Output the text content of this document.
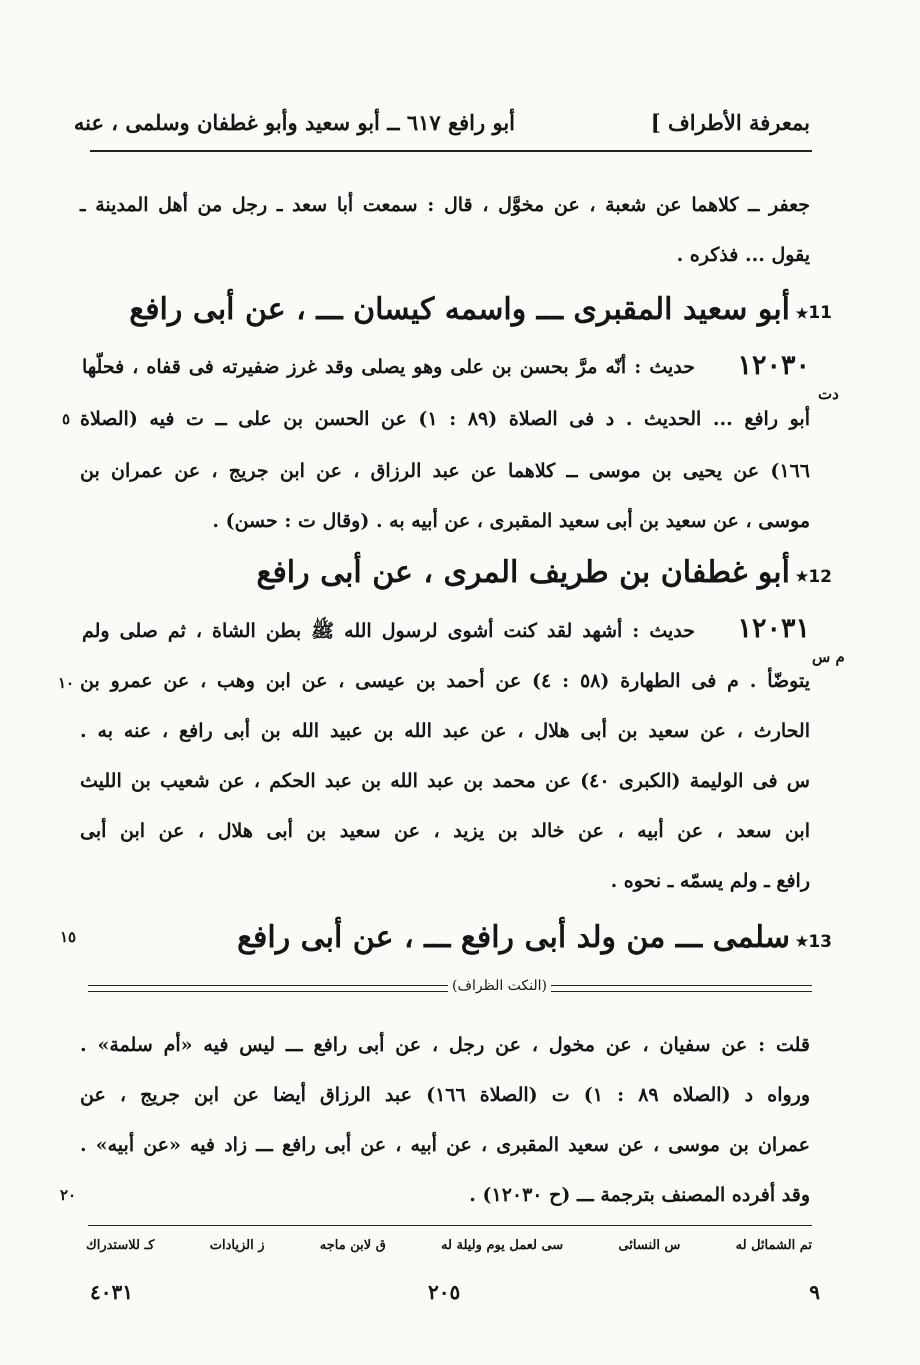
بمعرفة الأطراف ]
أبو رافع ٦١٧ ــ أبو سعيد وأبو غطفان وسلمى ، عنه
جعفر ــ كلاهما عن شعبة ، عن مخوَّل ، قال : سمعت أبا سعد ـ رجل من أهل المدينة ـ
يقول ... فذكره .
11
٭
أبو سعيد المقبرى ـــ واسمه كيسان ـــ ، عن أبى رافع
١٢٠٣٠
حديث : أنّه مرَّ بحسن بن على وهو يصلى وقد غرز ضفيرته فى قفاه ، فحلّها
دت
أبو رافع ... الحديث . د فى الصلاة (٨٩ : ١) عن الحسن بن على ــ ت فيه (الصلاة
٥
١٦٦) عن يحيى بن موسى ــ كلاهما عن عبد الرزاق ، عن ابن جريج ، عن عمران بن
موسى ، عن سعيد بن أبى سعيد المقبرى ، عن أبيه به . (وقال ت : حسن) .
12
٭
أبو غطفان بن طريف المرى ، عن أبى رافع
١٢٠٣١
حديث : أشهد لقد كنت أشوى لرسول الله ﷺ بطن الشاة ، ثم صلى ولم
م س
يتوضّأ . م فى الطهارة (٥٨ : ٤) عن أحمد بن عيسى ، عن ابن وهب ، عن عمرو بن
١٠
الحارث ، عن سعيد بن أبى هلال ، عن عبد الله بن عبيد الله بن أبى رافع ، عنه به .
س فى الوليمة (الكبرى ٤٠) عن محمد بن عبد الله بن عبد الحكم ، عن شعيب بن الليث
ابن سعد ، عن أبيه ، عن خالد بن يزيد ، عن سعيد بن أبى هلال ، عن ابن أبى
رافع ـ ولم يسمّه ـ نحوه .
13
٭
سلمى ـــ من ولد أبى رافع ـــ ، عن أبى رافع
١٥
(النكت الظراف)
قلت : عن سفيان ، عن مخول ، عن رجل ، عن أبى رافع ـــ ليس فيه «أم سلمة» .
ورواه د (الصلاه ٨٩ : ١) ت (الصلاة ١٦٦) عبد الرزاق أيضا عن ابن جريج ، عن
عمران بن موسى ، عن سعيد المقبرى ، عن أبيه ، عن أبى رافع ـــ زاد فيه «عن أبيه» .
وقد أفرده المصنف بترجمة ـــ (ح ١٢٠٣٠) .
٢٠
تم الشمائل له
س النسائى
سى لعمل يوم وليلة له
ق لابن ماجه
ز الزيادات
كـ للاستدراك
٩
٢٠٥
٤٠٣١
